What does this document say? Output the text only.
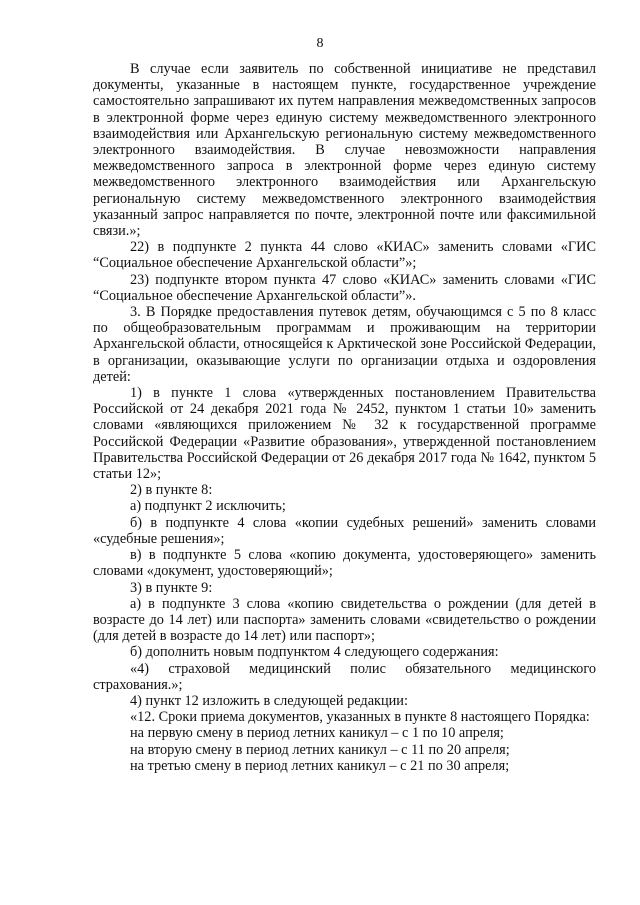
8

В случае если заявитель по собственной инициативе не представил документы, указанные в настоящем пункте, государственное учреждение самостоятельно запрашивают их путем направления межведомственных запросов в электронной форме через единую систему межведомственного электронного взаимодействия или Архангельскую региональную систему межведомственного электронного взаимодействия. В случае невозможности направления межведомственного запроса в электронной форме через единую систему межведомственного электронного взаимодействия или Архангельскую региональную систему межведомственного электронного взаимодействия указанный запрос направляется по почте, электронной почте или факсимильной связи.»;

22) в подпункте 2 пункта 44 слово «КИАС» заменить словами «ГИС “Социальное обеспечение Архангельской области”»;

23) подпункте втором пункта 47 слово «КИАС» заменить словами «ГИС “Социальное обеспечение Архангельской области”».

3. В Порядке предоставления путевок детям, обучающимся с 5 по 8 класс по общеобразовательным программам и проживающим на территории Архангельской области, относящейся к Арктической зоне Российской Федерации, в организации, оказывающие услуги по организации отдыха и оздоровления детей:

1) в пункте 1 слова «утвержденных постановлением Правительства Российской от 24 декабря 2021 года № 2452, пунктом 1 статьи 10» заменить словами «являющихся приложением № 32 к государственной программе Российской Федерации «Развитие образования», утвержденной постановлением Правительства Российской Федерации от 26 декабря 2017 года № 1642, пунктом 5 статьи 12»;

2) в пункте 8:

а) подпункт 2 исключить;

б) в подпункте 4 слова «копии судебных решений» заменить словами «судебные решения»;

в) в подпункте 5 слова «копию документа, удостоверяющего» заменить словами «документ, удостоверяющий»;

3) в пункте 9:

а) в подпункте 3 слова «копию свидетельства о рождении (для детей в возрасте до 14 лет) или паспорта» заменить словами «свидетельство о рождении (для детей в возрасте до 14 лет) или паспорт»;

б) дополнить новым подпунктом 4 следующего содержания:

«4) страховой медицинский полис обязательного медицинского страхования.»;

4) пункт 12 изложить в следующей редакции:

«12. Сроки приема документов, указанных в пункте 8 настоящего Порядка:

на первую смену в период летних каникул – с 1 по 10 апреля;

на вторую смену в период летних каникул – с 11 по 20 апреля;

на третью смену в период летних каникул – с 21 по 30 апреля;
